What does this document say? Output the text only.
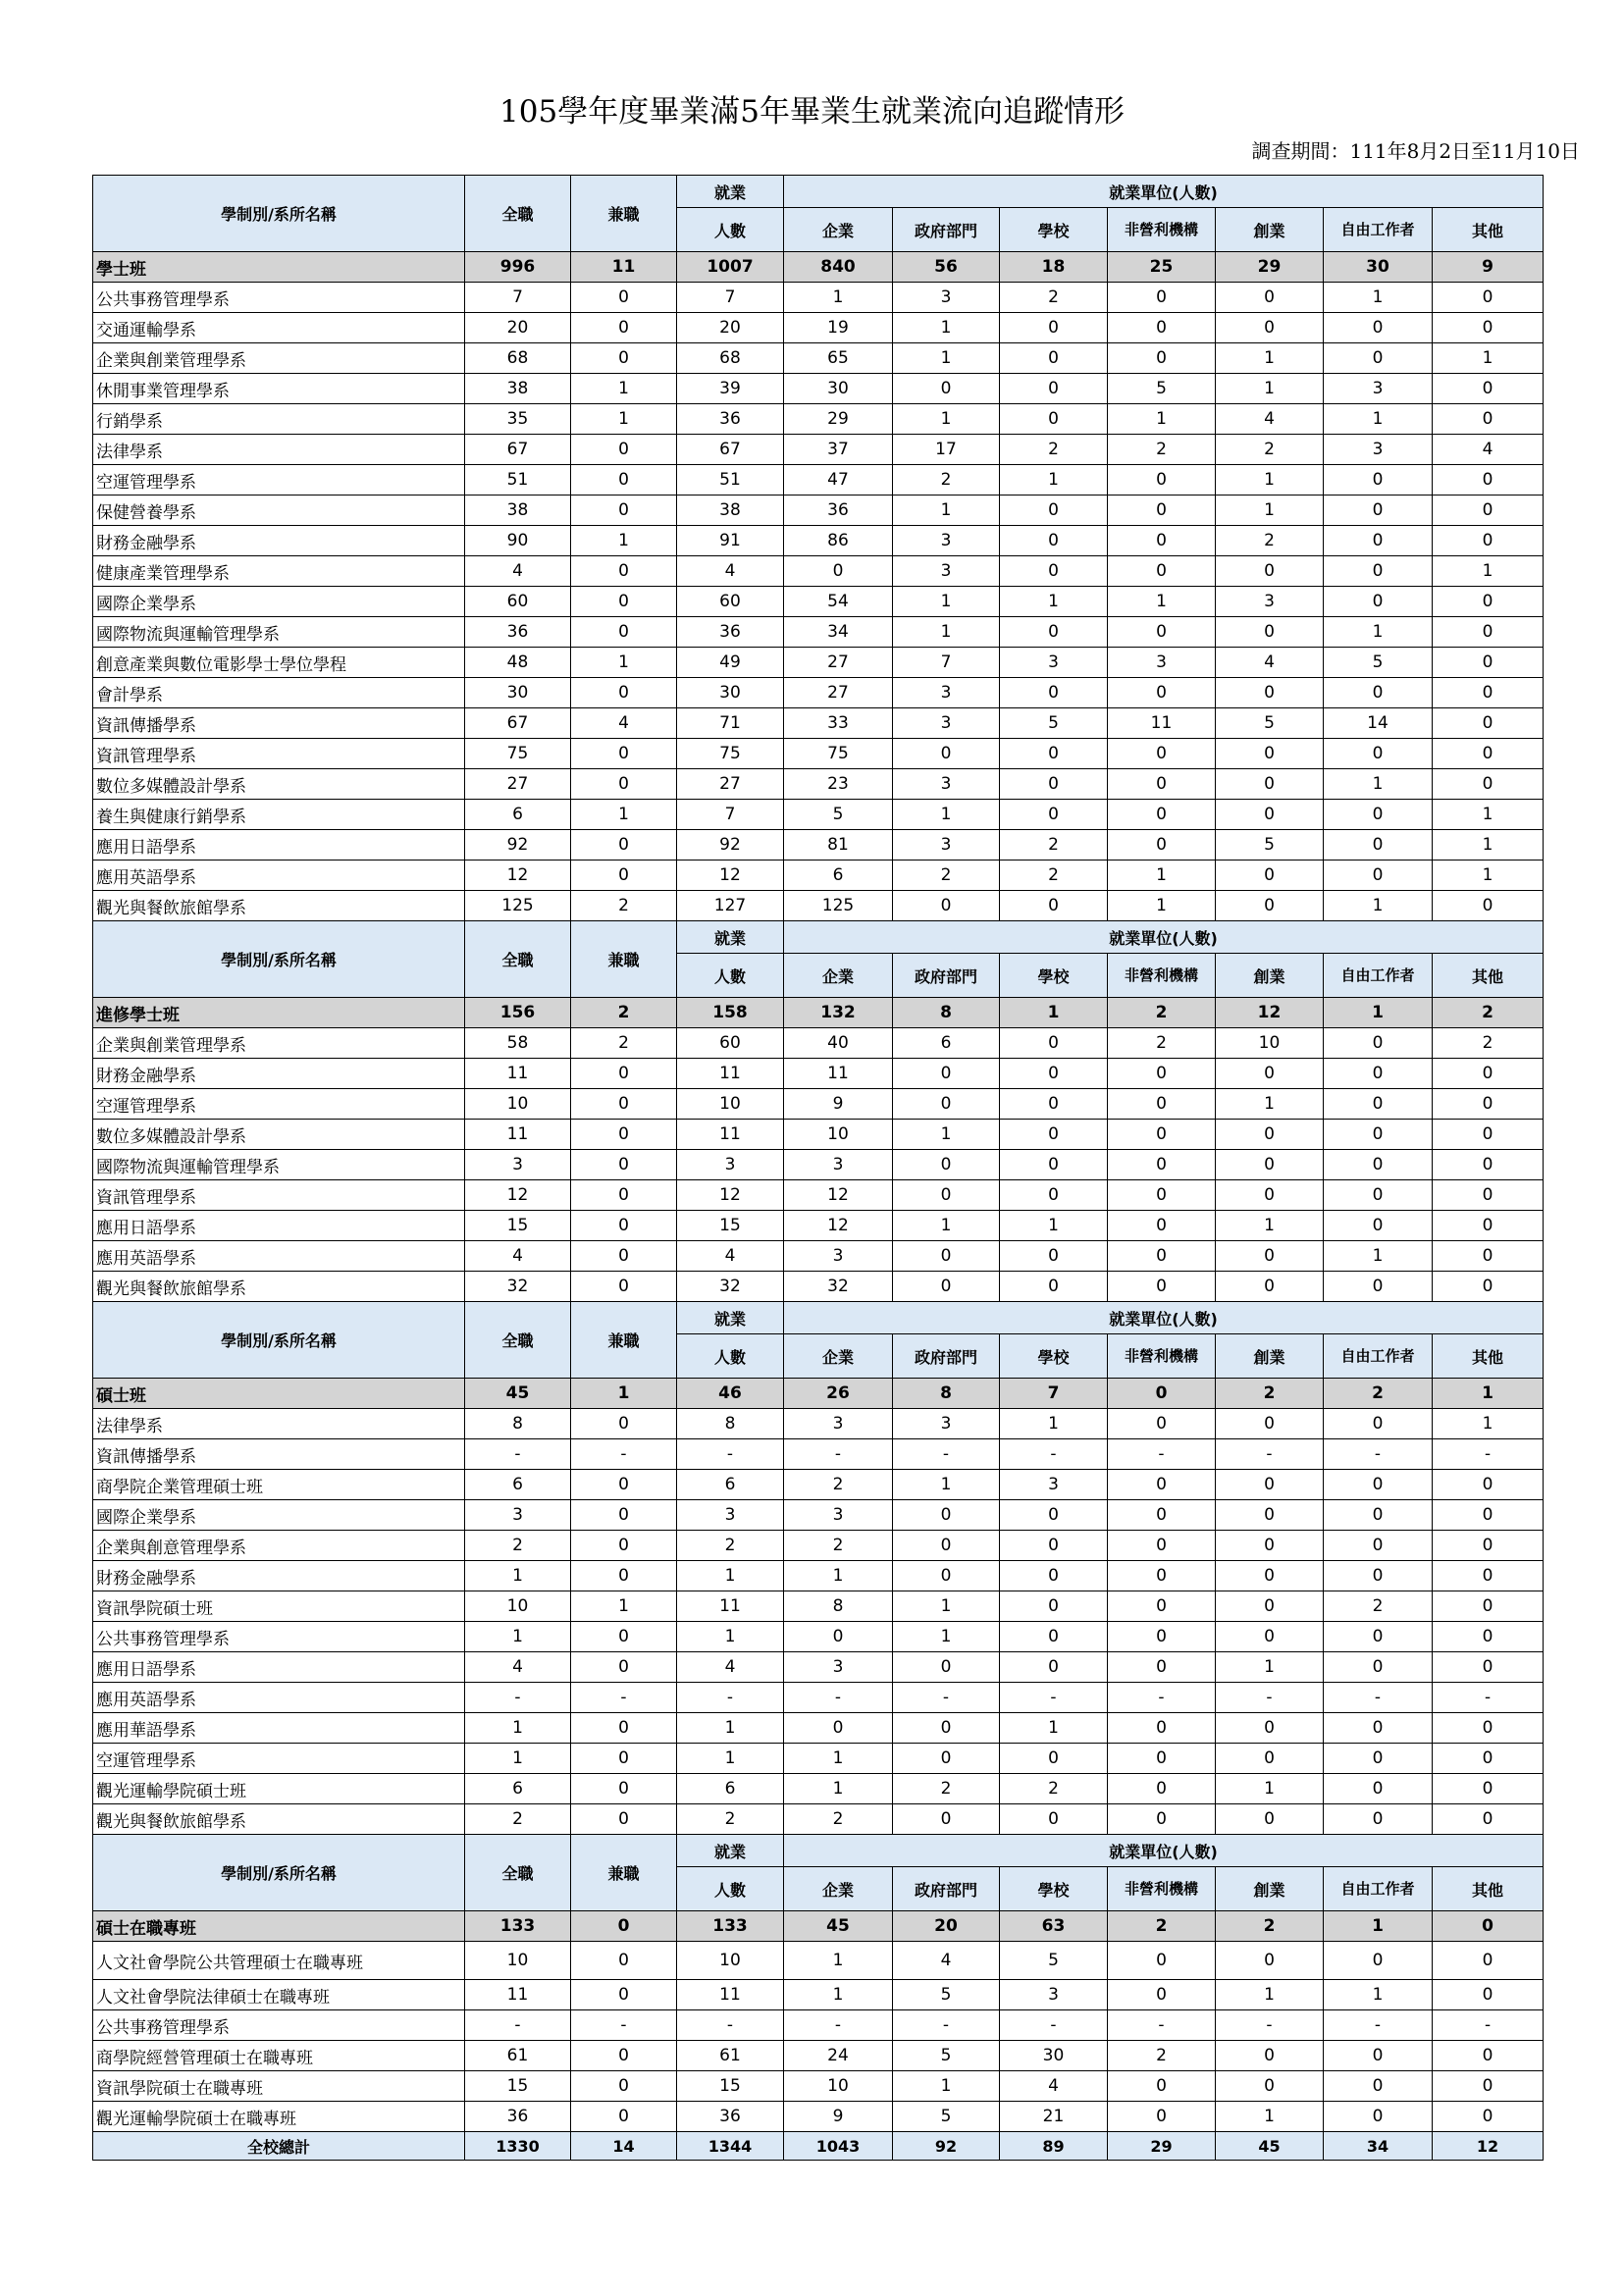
105學年度畢業滿5年畢業生就業流向追蹤情形
調查期間：111年8月2日至11月10日
學制別/系所名稱	全職	兼職	就業	就業單位(人數)						
			人數	企業	政府部門	學校	非營利機構	創業	自由工作者	其他
學士班	996	11	1007	840	56	18	25	29	30	9
公共事務管理學系	7	0	7	1	3	2	0	0	1	0
交通運輸學系	20	0	20	19	1	0	0	0	0	0
企業與創業管理學系	68	0	68	65	1	0	0	1	0	1
休閒事業管理學系	38	1	39	30	0	0	5	1	3	0
行銷學系	35	1	36	29	1	0	1	4	1	0
法律學系	67	0	67	37	17	2	2	2	3	4
空運管理學系	51	0	51	47	2	1	0	1	0	0
保健營養學系	38	0	38	36	1	0	0	1	0	0
財務金融學系	90	1	91	86	3	0	0	2	0	0
健康產業管理學系	4	0	4	0	3	0	0	0	0	1
國際企業學系	60	0	60	54	1	1	1	3	0	0
國際物流與運輸管理學系	36	0	36	34	1	0	0	0	1	0
創意產業與數位電影學士學位學程	48	1	49	27	7	3	3	4	5	0
會計學系	30	0	30	27	3	0	0	0	0	0
資訊傳播學系	67	4	71	33	3	5	11	5	14	0
資訊管理學系	75	0	75	75	0	0	0	0	0	0
數位多媒體設計學系	27	0	27	23	3	0	0	0	1	0
養生與健康行銷學系	6	1	7	5	1	0	0	0	0	1
應用日語學系	92	0	92	81	3	2	0	5	0	1
應用英語學系	12	0	12	6	2	2	1	0	0	1
觀光與餐飲旅館學系	125	2	127	125	0	0	1	0	1	0
學制別/系所名稱	全職	兼職	就業	就業單位(人數)						
			人數	企業	政府部門	學校	非營利機構	創業	自由工作者	其他
進修學士班	156	2	158	132	8	1	2	12	1	2
企業與創業管理學系	58	2	60	40	6	0	2	10	0	2
財務金融學系	11	0	11	11	0	0	0	0	0	0
空運管理學系	10	0	10	9	0	0	0	1	0	0
數位多媒體設計學系	11	0	11	10	1	0	0	0	0	0
國際物流與運輸管理學系	3	0	3	3	0	0	0	0	0	0
資訊管理學系	12	0	12	12	0	0	0	0	0	0
應用日語學系	15	0	15	12	1	1	0	1	0	0
應用英語學系	4	0	4	3	0	0	0	0	1	0
觀光與餐飲旅館學系	32	0	32	32	0	0	0	0	0	0
學制別/系所名稱	全職	兼職	就業	就業單位(人數)						
			人數	企業	政府部門	學校	非營利機構	創業	自由工作者	其他
碩士班	45	1	46	26	8	7	0	2	2	1
法律學系	8	0	8	3	3	1	0	0	0	1
資訊傳播學系	-	-	-	-	-	-	-	-	-	-
商學院企業管理碩士班	6	0	6	2	1	3	0	0	0	0
國際企業學系	3	0	3	3	0	0	0	0	0	0
企業與創意管理學系	2	0	2	2	0	0	0	0	0	0
財務金融學系	1	0	1	1	0	0	0	0	0	0
資訊學院碩士班	10	1	11	8	1	0	0	0	2	0
公共事務管理學系	1	0	1	0	1	0	0	0	0	0
應用日語學系	4	0	4	3	0	0	0	1	0	0
應用英語學系	-	-	-	-	-	-	-	-	-	-
應用華語學系	1	0	1	0	0	1	0	0	0	0
空運管理學系	1	0	1	1	0	0	0	0	0	0
觀光運輸學院碩士班	6	0	6	1	2	2	0	1	0	0
觀光與餐飲旅館學系	2	0	2	2	0	0	0	0	0	0
學制別/系所名稱	全職	兼職	就業	就業單位(人數)						
			人數	企業	政府部門	學校	非營利機構	創業	自由工作者	其他
碩士在職專班	133	0	133	45	20	63	2	2	1	0
人文社會學院公共管理碩士在職專班	10	0	10	1	4	5	0	0	0	0
人文社會學院法律碩士在職專班	11	0	11	1	5	3	0	1	1	0
公共事務管理學系	-	-	-	-	-	-	-	-	-	-
商學院經營管理碩士在職專班	61	0	61	24	5	30	2	0	0	0
資訊學院碩士在職專班	15	0	15	10	1	4	0	0	0	0
觀光運輸學院碩士在職專班	36	0	36	9	5	21	0	1	0	0
全校總計	1330	14	1344	1043	92	89	29	45	34	12
